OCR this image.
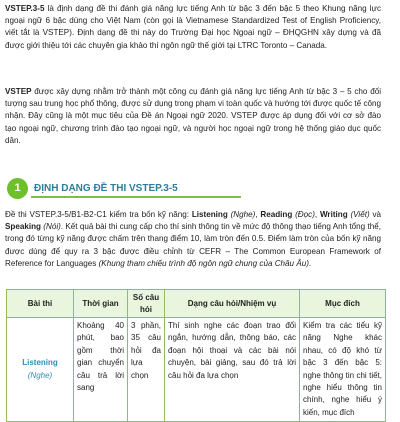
VSTEP.3-5 là định dạng đề thi đánh giá năng lực tiếng Anh từ bậc 3 đến bậc 5 theo Khung năng lực ngoại ngữ 6 bậc dùng cho Việt Nam (còn gọi là Vietnamese Standardized Test of English Proficiency, viết tắt là VSTEP). Định dạng đề thi này do Trường Đại học Ngoại ngữ – ĐHQGHN xây dựng và đã được giới thiệu tới các chuyên gia khảo thí ngôn ngữ thế giới tại LTRC Toronto – Canada.

VSTEP được xây dựng nhằm trở thành một công cụ đánh giá năng lực tiếng Anh từ bậc 3 – 5 cho đối tượng sau trung học phổ thông, được sử dụng trong phạm vi toàn quốc và hướng tới được quốc tế công nhận. Đây cũng là một mục tiêu của Đề án Ngoại ngữ 2020. VSTEP được áp dụng đối với cơ sở đào tạo ngoại ngữ, chương trình đào tạo ngoại ngữ, và người học ngoại ngữ trong hệ thống giáo dục quốc dân.

1	ĐỊNH DẠNG ĐỀ THI VSTEP.3-5

Đề thi VSTEP.3-5/B1-B2-C1 kiểm tra bốn kỹ năng: Listening (Nghe), Reading (Đọc), Writing (Viết) và Speaking (Nói). Kết quả bài thi cung cấp cho thí sinh thông tin về mức độ thông thạo tiếng Anh tổng thể, trong đó từng kỹ năng được chấm trên thang điểm 10, làm tròn đến 0.5. Điểm làm tròn của bốn kỹ năng được dùng để quy ra 3 bậc được điều chỉnh từ CEFR – The Common European Framework of Reference for Languages (Khung tham chiếu trình độ ngôn ngữ chung của Châu Âu).

Bài thi	Thời gian	Số câu hỏi	Dạng câu hỏi/Nhiệm vụ	Mục đích

Listening
(Nghe)	Khoảng 40 phút, bao gồm thời gian chuyển câu trả lời sang	3 phần, 35 câu hỏi đa lựa chọn	Thí sinh nghe các đoạn trao đổi ngắn, hướng dẫn, thông báo, các đoạn hội thoại và các bài nói chuyện, bài giảng, sau đó trả lời câu hỏi đa lựa chọn	Kiểm tra các tiểu kỹ năng Nghe khác nhau, có độ khó từ bậc 3 đến bậc 5: nghe thông tin chi tiết, nghe hiểu thông tin chính, nghe hiểu ý kiến, mục đích
